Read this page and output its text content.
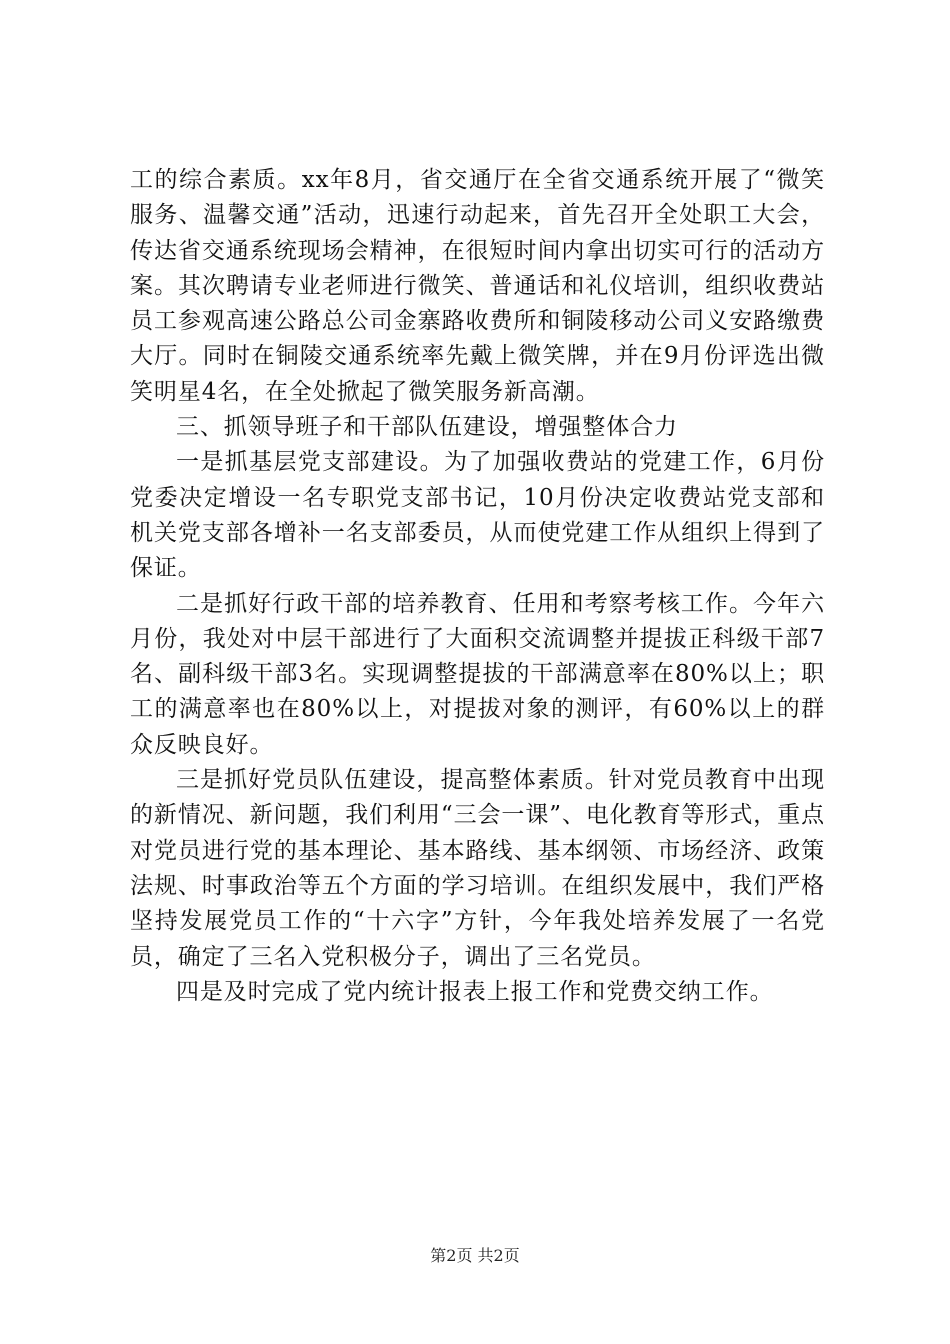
工的综合素质。xx年8月，省交通厅在全省交通系统开展了“微笑服务、温馨交通”活动，迅速行动起来，首先召开全处职工大会，传达省交通系统现场会精神，在很短时间内拿出切实可行的活动方案。其次聘请专业老师进行微笑、普通话和礼仪培训，组织收费站员工参观高速公路总公司金寨路收费所和铜陵移动公司义安路缴费大厅。同时在铜陵交通系统率先戴上微笑牌，并在9月份评选出微笑明星4名，在全处掀起了微笑服务新高潮。

三、抓领导班子和干部队伍建设，增强整体合力

一是抓基层党支部建设。为了加强收费站的党建工作，6月份党委决定增设一名专职党支部书记，10月份决定收费站党支部和机关党支部各增补一名支部委员，从而使党建工作从组织上得到了保证。

二是抓好行政干部的培养教育、任用和考察考核工作。今年六月份，我处对中层干部进行了大面积交流调整并提拔正科级干部7名、副科级干部3名。实现调整提拔的干部满意率在80%以上；职工的满意率也在80%以上，对提拔对象的测评，有60%以上的群众反映良好。

三是抓好党员队伍建设，提高整体素质。针对党员教育中出现的新情况、新问题，我们利用“三会一课”、电化教育等形式，重点对党员进行党的基本理论、基本路线、基本纲领、市场经济、政策法规、时事政治等五个方面的学习培训。在组织发展中，我们严格坚持发展党员工作的“十六字”方针，今年我处培养发展了一名党员，确定了三名入党积极分子，调出了三名党员。

四是及时完成了党内统计报表上报工作和党费交纳工作。

第2页 共2页
